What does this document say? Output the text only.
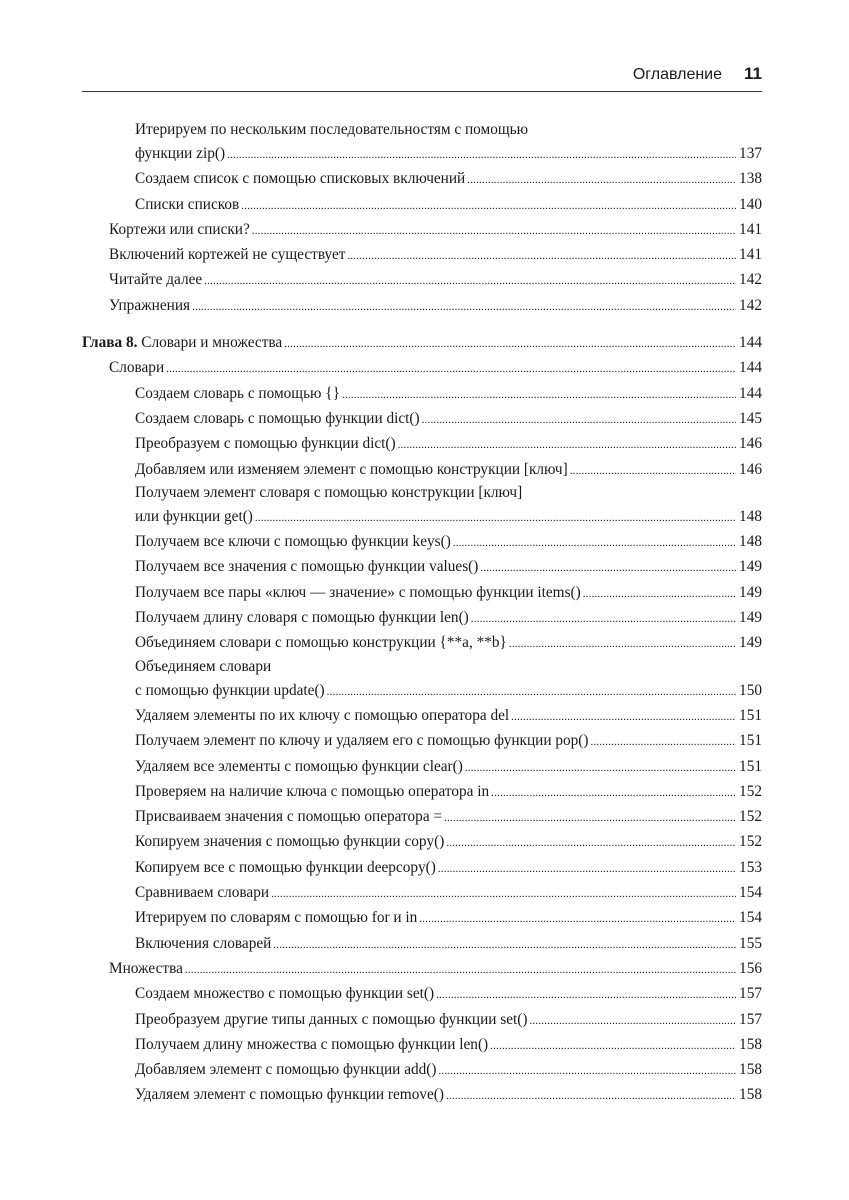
Оглавление 11
Итерируем по нескольким последовательностям с помощью
функции zip() .....	137
Создаем список с помощью списковых включений .....	138
Списки списков .....	140
Кортежи или списки? .....	141
Включений кортежей не существует .....	141
Читайте далее .....	142
Упражнения .....	142
Глава 8. Словари и множества .....	144
Словари .....	144
Создаем словарь с помощью {} .....	144
Создаем словарь с помощью функции dict() .....	145
Преобразуем с помощью функции dict() .....	146
Добавляем или изменяем элемент с помощью конструкции [ключ] .....	146
Получаем элемент словаря с помощью конструкции [ключ]
или функции get() .....	148
Получаем все ключи с помощью функции keys() .....	148
Получаем все значения с помощью функции values() .....	149
Получаем все пары «ключ — значение» с помощью функции items() .....	149
Получаем длину словаря с помощью функции len() .....	149
Объединяем словари с помощью конструкции {**a, **b} .....	149
Объединяем словари
с помощью функции update() .....	150
Удаляем элементы по их ключу с помощью оператора del .....	151
Получаем элемент по ключу и удаляем его с помощью функции pop() .....	151
Удаляем все элементы с помощью функции clear() .....	151
Проверяем на наличие ключа с помощью оператора in .....	152
Присваиваем значения с помощью оператора = .....	152
Копируем значения с помощью функции copy() .....	152
Копируем все с помощью функции deepcopy() .....	153
Сравниваем словари .....	154
Итерируем по словарям с помощью for и in .....	154
Включения словарей .....	155
Множества .....	156
Создаем множество с помощью функции set() .....	157
Преобразуем другие типы данных с помощью функции set() .....	157
Получаем длину множества с помощью функции len() .....	158
Добавляем элемент с помощью функции add() .....	158
Удаляем элемент с помощью функции remove() .....	158
